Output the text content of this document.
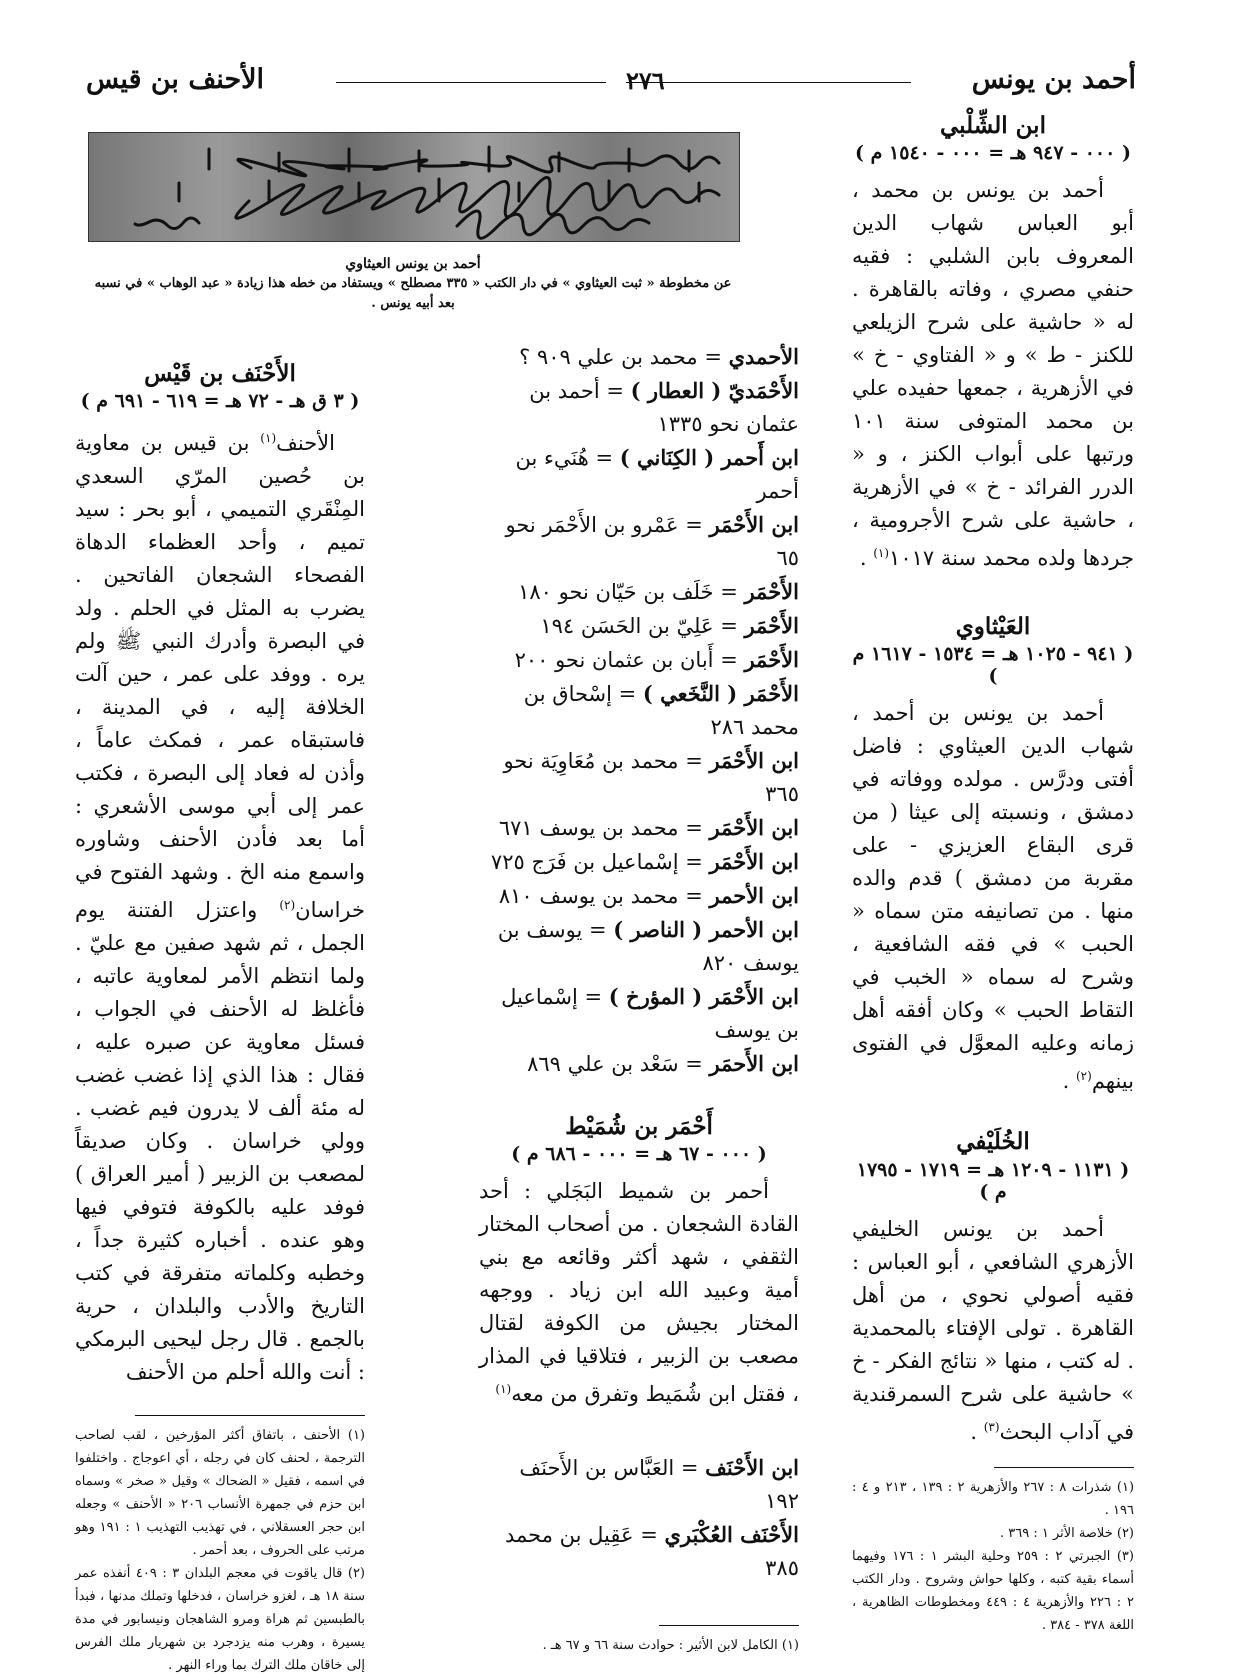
أحمد بن يونس
٢٧٦
الأحنف بن قيس
ابن الشِّلْبي
( ٠٠٠ - ٩٤٧ هـ = ٠٠٠ - ١٥٤٠ م )

أحمد بن يونس بن محمد ، أبو العباس شهاب الدين المعروف بابن الشلبي : فقيه حنفي مصري ، وفاته بالقاهرة . له « حاشية على شرح الزيلعي للكنز - ط » و « الفتاوي - خ » في الأزهرية ، جمعها حفيده علي بن محمد المتوفى سنة ١٠١ ورتبها على أبواب الكنز ، و « الدرر الفرائد - خ » في الأزهرية ، حاشية على شرح الأجرومية ، جردها ولده محمد سنة ١٠١٧$^{(١)}$ .

العَيْثاوي
( ٩٤١ - ١٠٢٥ هـ = ١٥٣٤ - ١٦١٧ م )

أحمد بن يونس بن أحمد ، شهاب الدين العيثاوي : فاضل أفتى ودرَّس . مولده ووفاته في دمشق ، ونسبته إلى عيثا ( من قرى البقاع العزيزي - على مقربة من دمشق ) قدم والده منها . من تصانيفه متن سماه « الحبب » في فقه الشافعية ، وشرح له سماه « الخبب في التقاط الحبب » وكان أفقه أهل زمانه وعليه المعوَّل في الفتوى بينهم$^{(٢)}$ .

الخُلَيْفي
( ١١٣١ - ١٢٠٩ هـ = ١٧١٩ - ١٧٩٥ م )

أحمد بن يونس الخليفي الأزهري الشافعي ، أبو العباس : فقيه أصولي نحوي ، من أهل القاهرة . تولى الإفتاء بالمحمدية . له كتب ، منها « نتائج الفكر - خ » حاشية على شرح السمرقندية في آداب البحث$^{(٣)}$ .

(١) شذرات ٨ : ٢٦٧ والأزهرية ٢ : ١٣٩ ، ٢١٣ و ٤ : ١٩٦ .
(٢) خلاصة الأثر ١ : ٣٦٩ .
(٣) الجبرتي ٢ : ٢٥٩ وحلية البشر ١ : ١٧٦ وفيهما أسماء بقية كتبه ، وكلها حواش وشروح . ودار الكتب ٢ : ٢٢٦ والأزهرية ٤ : ٤٤٩ ومخطوطات الظاهرية ، اللغة ٣٧٨ - ٣٨٤ .
أحمد بن يونس العيثاوي
عن مخطوطة « ثبت العيثاوي » في دار الكتب « ٣٣٥ مصطلح » ويستفاد من خطه هذا زيادة « عبد الوهاب » في نسبه بعد أبيه يونس .
الأحمدي = محمد بن علي ٩٠٩ ؟
الأَحْمَديّ ( العطار ) = أحمد بن عثمان نحو ١٣٣٥
ابن أَحمر ( الكِنَاني ) = هُنَيء بن أحمر
ابن الأَحْمَر = عَمْرو بن الأَحْمَر نحو ٦٥
الأَحْمَر = خَلَف بن حَيّان نحو ١٨٠
الأَحْمَر = عَلِيّ بن الحَسَن ١٩٤
الأَحْمَر = أَبان بن عثمان نحو ٢٠٠
الأَحْمَر ( النَّخَعي ) = إسْحاق بن محمد ٢٨٦
ابن الأَحْمَر = محمد بن مُعَاوِيَة نحو ٣٦٥
ابن الأَحْمَر = محمد بن يوسف ٦٧١
ابن الأَحْمَر = إسْماعيل بن فَرَج ٧٢٥
ابن الأحمر = محمد بن يوسف ٨١٠
ابن الأحمر ( الناصر ) = يوسف بن يوسف ٨٢٠
ابن الأَحْمَر ( المؤرخ ) = إسْماعيل بن يوسف
ابن الأَحمَر = سَعْد بن علي ٨٦٩
أَحْمَر بن شُمَيْط
( ٠٠٠ - ٦٧ هـ = ٠٠٠ - ٦٨٦ م )

أحمر بن شميط البَجَلي : أحد القادة الشجعان . من أصحاب المختار الثقفي ، شهد أكثر وقائعه مع بني أمية وعبيد الله ابن زياد . ووجهه المختار بجيش من الكوفة لقتال مصعب بن الزبير ، فتلاقيا في المذار ، فقتل ابن شُمَيط وتفرق من معه$^{(١)}$

ابن الأَحْنَف = العَبَّاس بن الأَحنَف ١٩٢
الأَحْنَف العُكْبَري = عَقِيل بن محمد ٣٨٥
(١) الكامل لابن الأثير : حوادث سنة ٦٦ و ٦٧ هـ .
الأَحْنَف بن قَيْس
( ٣ ق هـ - ٧٢ هـ = ٦١٩ - ٦٩١ م )

الأحنف$^{(١)}$ بن قيس بن معاوية بن حُصين المرّي السعدي المِنْقَري التميمي ، أبو بحر : سيد تميم ، وأحد العظماء الدهاة الفصحاء الشجعان الفاتحين . يضرب به المثل في الحلم . ولد في البصرة وأدرك النبي ﷺ ولم يره . ووفد على عمر ، حين آلت الخلافة إليه ، في المدينة ، فاستبقاه عمر ، فمكث عاماً ، وأذن له فعاد إلى البصرة ، فكتب عمر إلى أبي موسى الأشعري : أما بعد فأدن الأحنف وشاوره واسمع منه الخ . وشهد الفتوح في خراسان$^{(٢)}$ واعتزل الفتنة يوم الجمل ، ثم شهد صفين مع عليّ . ولما انتظم الأمر لمعاوية عاتبه ، فأغلظ له الأحنف في الجواب ، فسئل معاوية عن صبره عليه ، فقال : هذا الذي إذا غضب غضب له مئة ألف لا يدرون فيم غضب . وولي خراسان . وكان صديقاً لمصعب بن الزبير ( أمير العراق ) فوفد عليه بالكوفة فتوفي فيها وهو عنده . أخباره كثيرة جداً ، وخطبه وكلماته متفرقة في كتب التاريخ والأدب والبلدان ، حرية بالجمع . قال رجل ليحيى البرمكي : أنت والله أحلم من الأحنف

(١) الأحنف ، باتفاق أكثر المؤرخين ، لقب لصاحب الترجمة ، لحنف كان في رجله ، أي اعوجاج . واختلفوا في اسمه ، فقيل « الضحاك » وقيل « صخر » وسماه ابن حزم في جمهرة الأنساب ٢٠٦ « الأحنف » وجعله ابن حجر العسقلاني ، في تهذيب التهذيب ١ : ١٩١ وهو مرتب على الحروف ، بعد أحمر .
(٢) قال ياقوت في معجم البلدان ٣ : ٤٠٩ أنفذه عمر سنة ١٨ هـ ، لغزو خراسان ، فدخلها وتملك مدنها ، فبدأ بالطبسين ثم هراة ومرو الشاهجان ونيسابور في مدة يسيرة ، وهرب منه يزدجرد بن شهريار ملك الفرس إلى خاقان ملك الترك بما وراء النهر .
